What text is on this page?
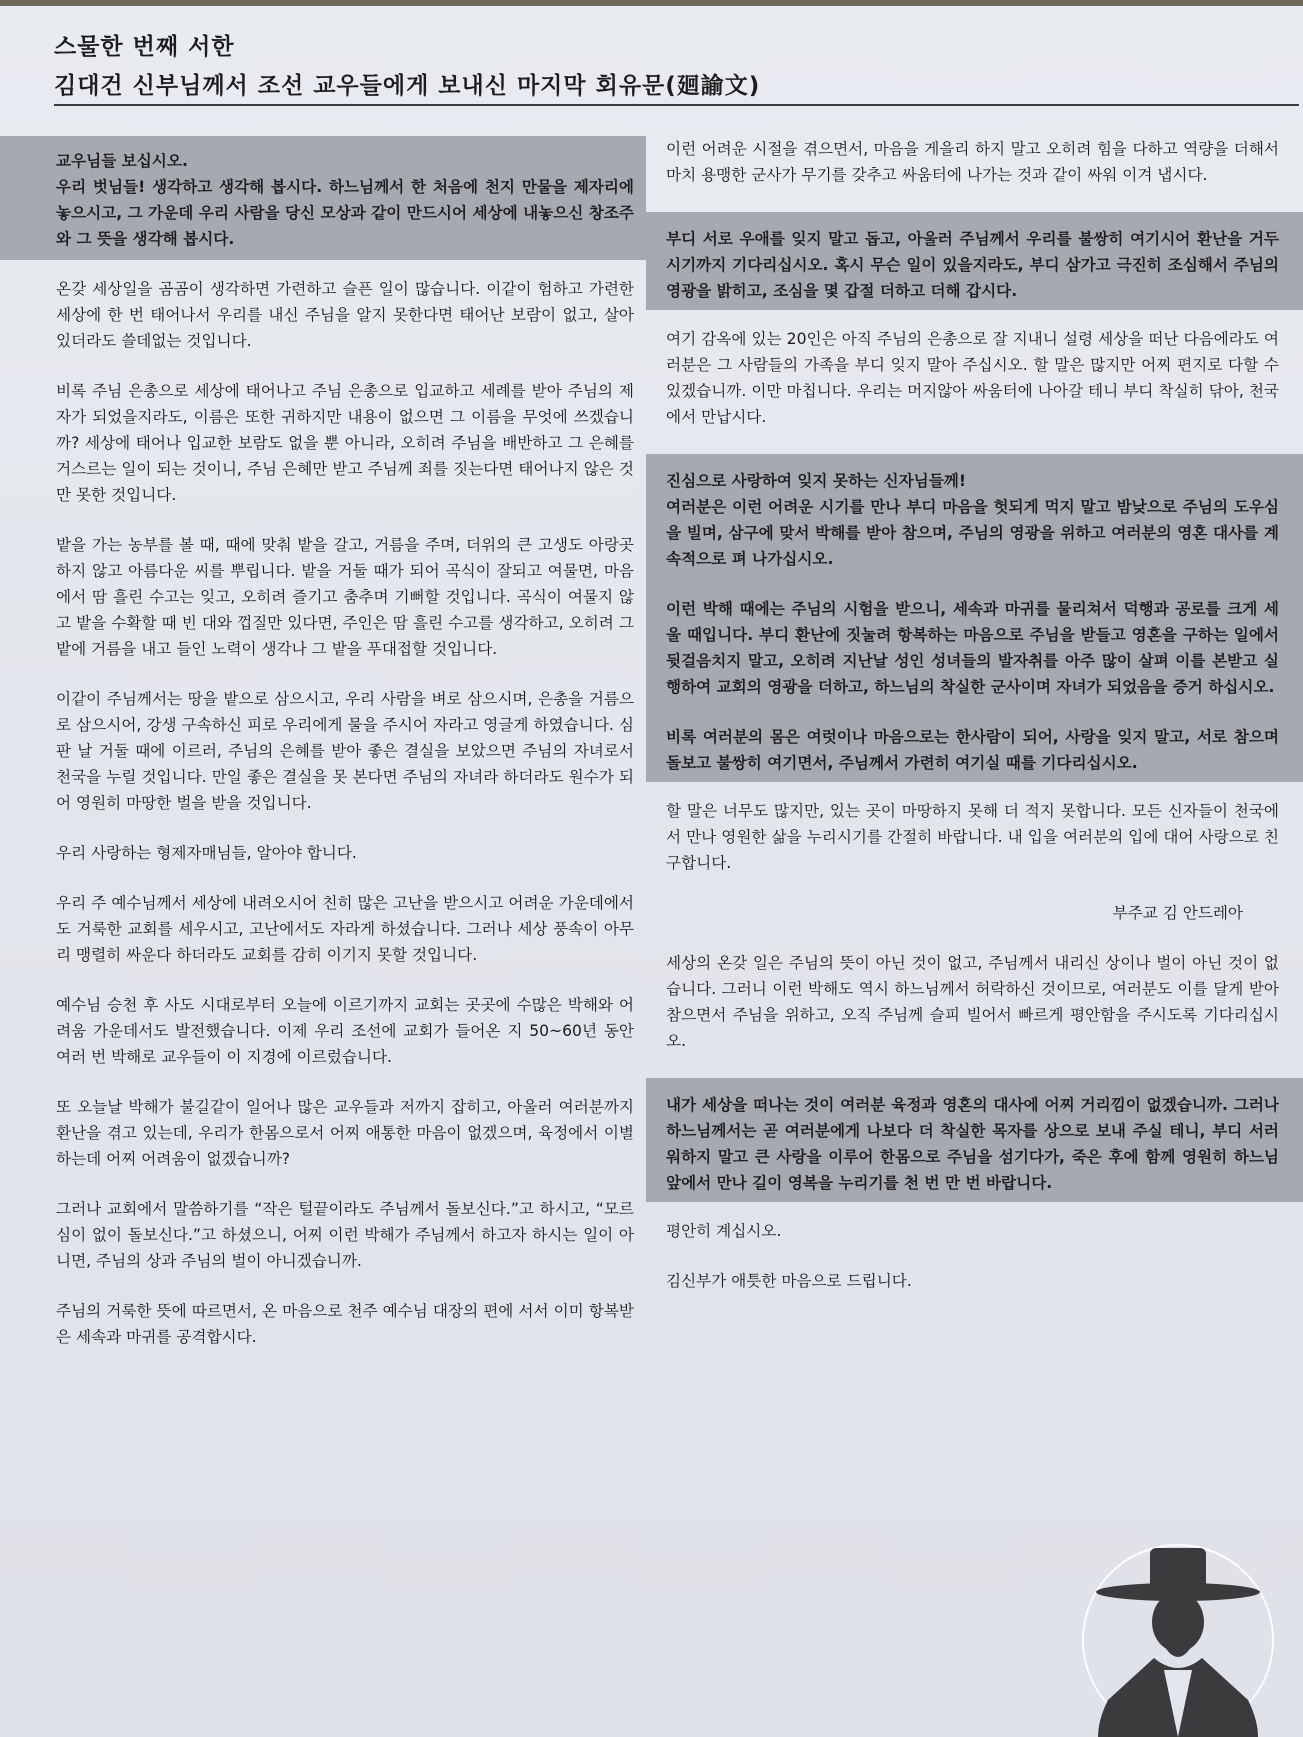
스물한 번째 서한

김대건 신부님께서 조선 교우들에게 보내신 마지막 회유문(廻諭文)

교우님들 보십시오.
우리 벗님들! 생각하고 생각해 봅시다. 하느님께서 한 처음에 천지 만물을 제자리에 놓으시고, 그 가운데 우리 사람을 당신 모상과 같이 만드시어 세상에 내놓으신 창조주와 그 뜻을 생각해 봅시다.

온갖 세상일을 곰곰이 생각하면 가련하고 슬픈 일이 많습니다. 이같이 험하고 가련한 세상에 한 번 태어나서 우리를 내신 주님을 알지 못한다면 태어난 보람이 없고, 살아 있더라도 쓸데없는 것입니다.

비록 주님 은총으로 세상에 태어나고 주님 은총으로 입교하고 세례를 받아 주님의 제자가 되었을지라도, 이름은 또한 귀하지만 내용이 없으면 그 이름을 무엇에 쓰겠습니까? 세상에 태어나 입교한 보람도 없을 뿐 아니라, 오히려 주님을 배반하고 그 은혜를 거스르는 일이 되는 것이니, 주님 은혜만 받고 주님께 죄를 짓는다면 태어나지 않은 것만 못한 것입니다.

밭을 가는 농부를 볼 때, 때에 맞춰 밭을 갈고, 거름을 주며, 더위의 큰 고생도 아랑곳하지 않고 아름다운 씨를 뿌립니다. 밭을 거둘 때가 되어 곡식이 잘되고 여물면, 마음에서 땀 흘린 수고는 잊고, 오히려 즐기고 춤추며 기뻐할 것입니다. 곡식이 여물지 않고 밭을 수확할 때 빈 대와 껍질만 있다면, 주인은 땀 흘린 수고를 생각하고, 오히려 그 밭에 거름을 내고 들인 노력이 생각나 그 밭을 푸대접할 것입니다.

이같이 주님께서는 땅을 밭으로 삼으시고, 우리 사람을 벼로 삼으시며, 은총을 거름으로 삼으시어, 강생 구속하신 피로 우리에게 물을 주시어 자라고 영글게 하였습니다. 심판 날 거둘 때에 이르러, 주님의 은혜를 받아 좋은 결실을 보았으면 주님의 자녀로서 천국을 누릴 것입니다. 만일 좋은 결실을 못 본다면 주님의 자녀라 하더라도 원수가 되어 영원히 마땅한 벌을 받을 것입니다.

우리 사랑하는 형제자매님들, 알아야 합니다.

우리 주 예수님께서 세상에 내려오시어 친히 많은 고난을 받으시고 어려운 가운데에서도 거룩한 교회를 세우시고, 고난에서도 자라게 하셨습니다. 그러나 세상 풍속이 아무리 맹렬히 싸운다 하더라도 교회를 감히 이기지 못할 것입니다.

예수님 승천 후 사도 시대로부터 오늘에 이르기까지 교회는 곳곳에 수많은 박해와 어려움 가운데서도 발전했습니다. 이제 우리 조선에 교회가 들어온 지 50~60년 동안 여러 번 박해로 교우들이 이 지경에 이르렀습니다.

또 오늘날 박해가 불길같이 일어나 많은 교우들과 저까지 잡히고, 아울러 여러분까지 환난을 겪고 있는데, 우리가 한몸으로서 어찌 애통한 마음이 없겠으며, 육정에서 이별하는데 어찌 어려움이 없겠습니까?

그러나 교회에서 말씀하기를 “작은 털끝이라도 주님께서 돌보신다.”고 하시고, “모르심이 없이 돌보신다.”고 하셨으니, 어찌 이런 박해가 주님께서 하고자 하시는 일이 아니면, 주님의 상과 주님의 벌이 아니겠습니까.

주님의 거룩한 뜻에 따르면서, 온 마음으로 천주 예수님 대장의 편에 서서 이미 항복받은 세속과 마귀를 공격합시다.

이런 어려운 시절을 겪으면서, 마음을 게을리 하지 말고 오히려 힘을 다하고 역량을 더해서 마치 용맹한 군사가 무기를 갖추고 싸움터에 나가는 것과 같이 싸워 이겨 냅시다.

부디 서로 우애를 잊지 말고 돕고, 아울러 주님께서 우리를 불쌍히 여기시어 환난을 거두시기까지 기다리십시오. 혹시 무슨 일이 있을지라도, 부디 삼가고 극진히 조심해서 주님의 영광을 밝히고, 조심을 몇 갑절 더하고 더해 갑시다.

여기 감옥에 있는 20인은 아직 주님의 은총으로 잘 지내니 설령 세상을 떠난 다음에라도 여러분은 그 사람들의 가족을 부디 잊지 말아 주십시오. 할 말은 많지만 어찌 편지로 다할 수 있겠습니까. 이만 마칩니다. 우리는 머지않아 싸움터에 나아갈 테니 부디 착실히 닦아, 천국에서 만납시다.

진심으로 사랑하여 잊지 못하는 신자님들께!
여러분은 이런 어려운 시기를 만나 부디 마음을 헛되게 먹지 말고 밤낮으로 주님의 도우심을 빌며, 삼구에 맞서 박해를 받아 참으며, 주님의 영광을 위하고 여러분의 영혼 대사를 계속적으로 펴 나가십시오.

이런 박해 때에는 주님의 시험을 받으니, 세속과 마귀를 물리쳐서 덕행과 공로를 크게 세울 때입니다. 부디 환난에 짓눌려 항복하는 마음으로 주님을 받들고 영혼을 구하는 일에서 뒷걸음치지 말고, 오히려 지난날 성인 성녀들의 발자취를 아주 많이 살펴 이를 본받고 실행하여 교회의 영광을 더하고, 하느님의 착실한 군사이며 자녀가 되었음을 증거 하십시오.

비록 여러분의 몸은 여럿이나 마음으로는 한사람이 되어, 사랑을 잊지 말고, 서로 참으며 돌보고 불쌍히 여기면서, 주님께서 가련히 여기실 때를 기다리십시오.

할 말은 너무도 많지만, 있는 곳이 마땅하지 못해 더 적지 못합니다. 모든 신자들이 천국에서 만나 영원한 삶을 누리시기를 간절히 바랍니다. 내 입을 여러분의 입에 대어 사랑으로 친구합니다.

부주교 김 안드레아

세상의 온갖 일은 주님의 뜻이 아닌 것이 없고, 주님께서 내리신 상이나 벌이 아닌 것이 없습니다. 그러니 이런 박해도 역시 하느님께서 허락하신 것이므로, 여러분도 이를 달게 받아 참으면서 주님을 위하고, 오직 주님께 슬피 빌어서 빠르게 평안함을 주시도록 기다리십시오.

내가 세상을 떠나는 것이 여러분 육정과 영혼의 대사에 어찌 거리낌이 없겠습니까. 그러나 하느님께서는 곧 여러분에게 나보다 더 착실한 목자를 상으로 보내 주실 테니, 부디 서러워하지 말고 큰 사랑을 이루어 한몸으로 주님을 섬기다가, 죽은 후에 함께 영원히 하느님 앞에서 만나 길이 영복을 누리기를 천 번 만 번 바랍니다.

평안히 계십시오.

김신부가 애틋한 마음으로 드립니다.
